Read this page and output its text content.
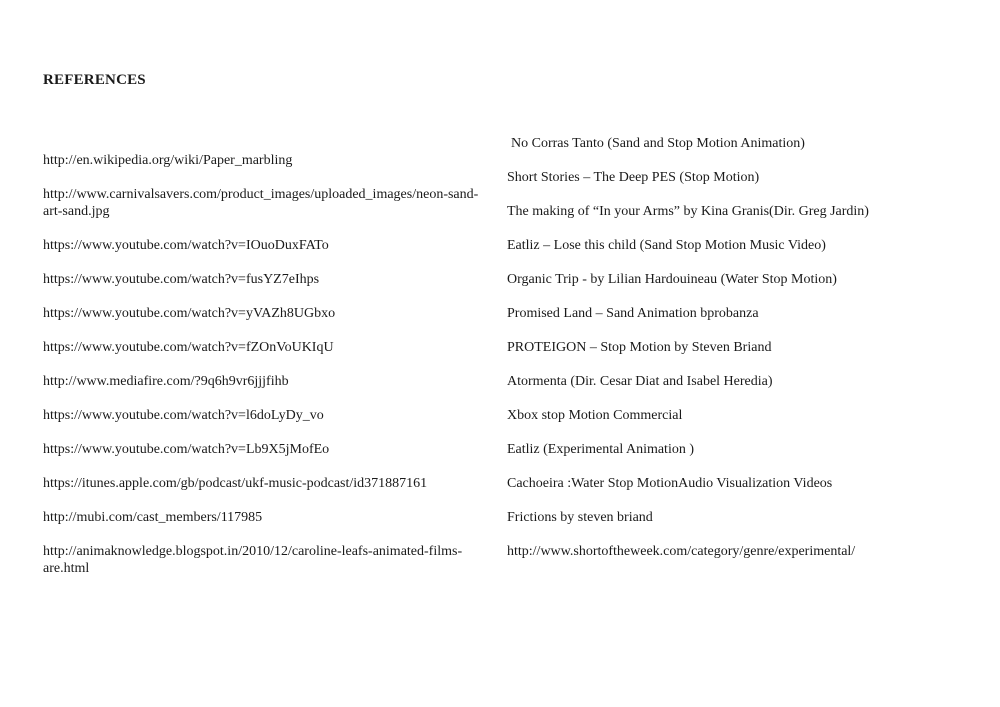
REFERENCES
http://en.wikipedia.org/wiki/Paper_marbling
http://www.carnivalsavers.com/product_images/uploaded_images/neon-sand-art-sand.jpg
https://www.youtube.com/watch?v=IOuoDuxFATo
https://www.youtube.com/watch?v=fusYZ7eIhps
https://www.youtube.com/watch?v=yVAZh8UGbxo
https://www.youtube.com/watch?v=fZOnVoUKIqU
http://www.mediafire.com/?9q6h9vr6jjjfihb
https://www.youtube.com/watch?v=l6doLyDy_vo
https://www.youtube.com/watch?v=Lb9X5jMofEo
https://itunes.apple.com/gb/podcast/ukf-music-podcast/id371887161
http://mubi.com/cast_members/117985
http://animaknowledge.blogspot.in/2010/12/caroline-leafs-animated-films-are.html
No Corras Tanto (Sand and Stop Motion Animation)
Short Stories – The Deep PES (Stop Motion)
The making of “In your Arms” by Kina Granis(Dir. Greg Jardin)
Eatliz – Lose this child (Sand Stop Motion Music Video)
Organic Trip - by Lilian Hardouineau (Water Stop Motion)
Promised Land – Sand Animation bprobanza
PROTEIGON – Stop Motion by Steven Briand
Atormenta (Dir. Cesar Diat and Isabel Heredia)
Xbox stop Motion Commercial
Eatliz (Experimental Animation )
Cachoeira :Water Stop MotionAudio Visualization Videos
Frictions by steven briand
http://www.shortoftheweek.com/category/genre/experimental/
